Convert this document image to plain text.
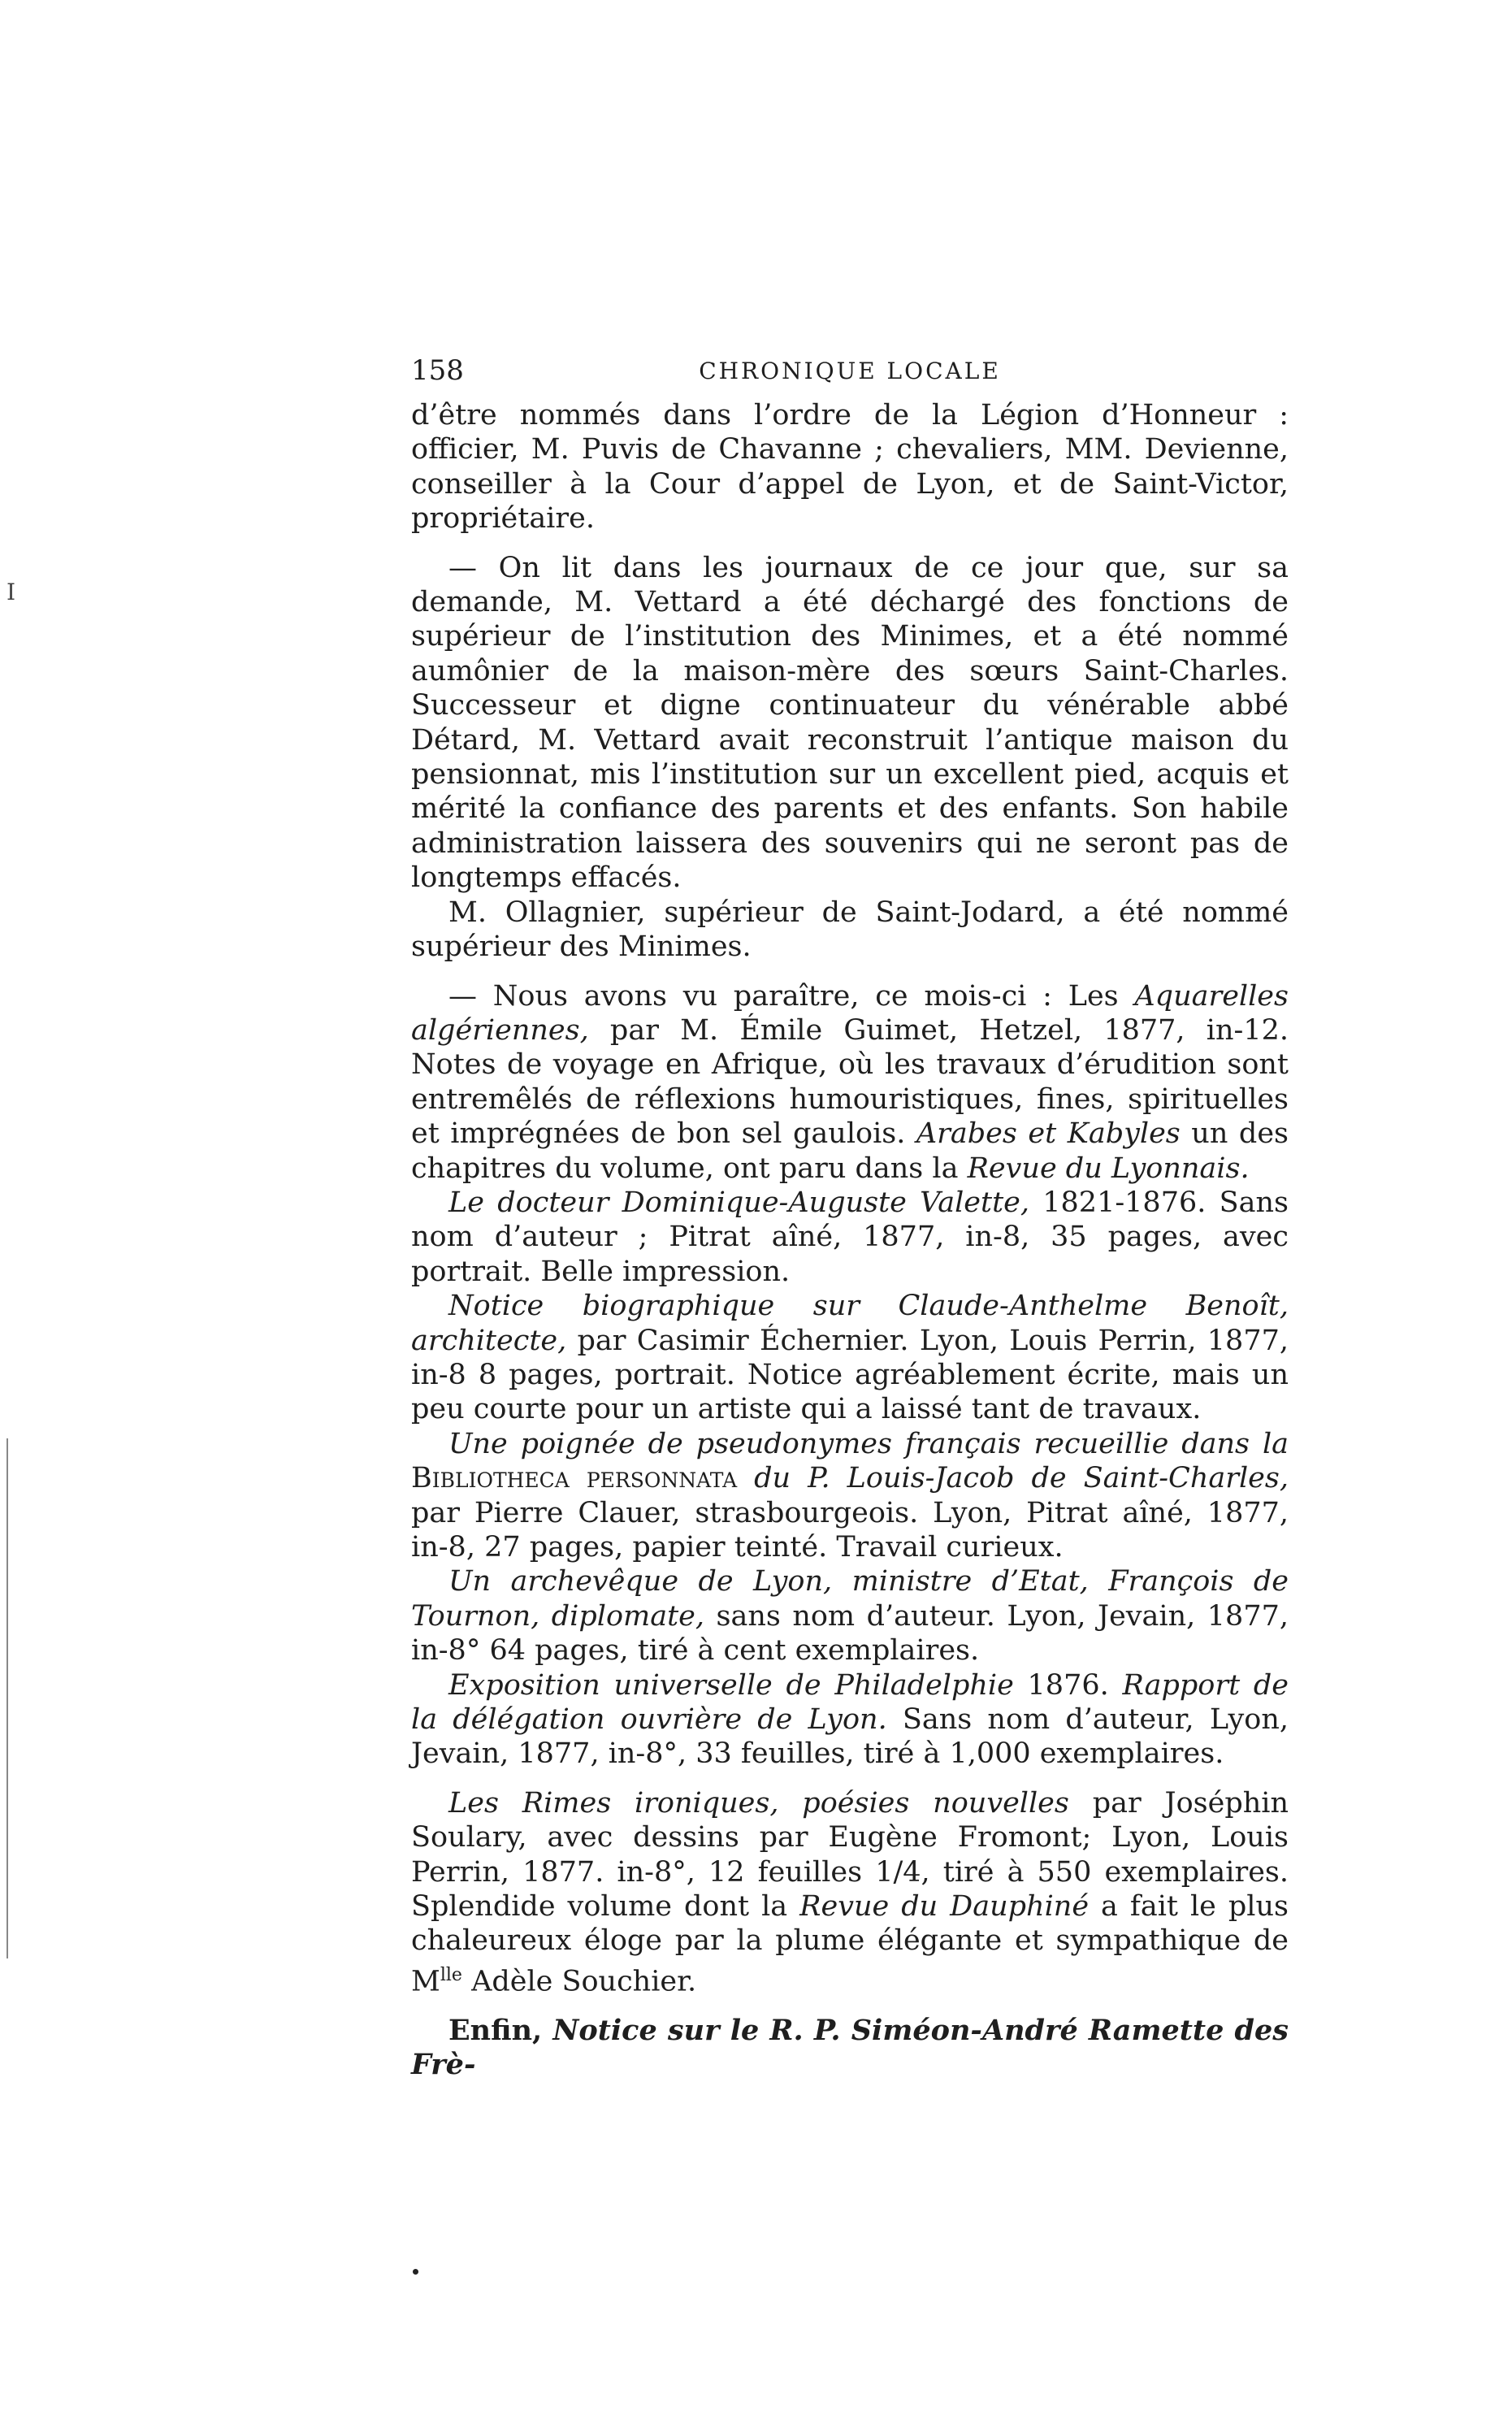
I
158	CHRONIQUE LOCALE

d’être nommés dans l’ordre de la Légion d’Honneur : officier, M. Puvis de Chavanne ; chevaliers, MM. Devienne, conseiller à la Cour d’appel de Lyon, et de Saint-Victor, propriétaire.

— On lit dans les journaux de ce jour que, sur sa demande, M. Vettard a été déchargé des fonctions de supérieur de l’institution des Minimes, et a été nommé aumônier de la maison-mère des sœurs Saint-Charles. Successeur et digne continuateur du vénérable abbé Détard, M. Vettard avait reconstruit l’antique maison du pensionnat, mis l’institution sur un excellent pied, acquis et mérité la confiance des parents et des enfants. Son habile administration laissera des souvenirs qui ne seront pas de longtemps effacés.

M. Ollagnier, supérieur de Saint-Jodard, a été nommé supérieur des Minimes.

— Nous avons vu paraître, ce mois-ci : Les Aquarelles algériennes, par M. Émile Guimet, Hetzel, 1877, in-12. Notes de voyage en Afrique, où les travaux d’érudition sont entremêlés de réflexions humouristiques, fines, spirituelles et imprégnées de bon sel gaulois. Arabes et Kabyles un des chapitres du volume, ont paru dans la Revue du Lyonnais.

Le docteur Dominique-Auguste Valette, 1821-1876. Sans nom d’auteur ; Pitrat aîné, 1877, in-8, 35 pages, avec portrait. Belle impression.

Notice biographique sur Claude-Anthelme Benoît, architecte, par Casimir Échernier. Lyon, Louis Perrin, 1877, in-8 8 pages, portrait. Notice agréablement écrite, mais un peu courte pour un artiste qui a laissé tant de travaux.

Une poignée de pseudonymes français recueillie dans la Bibliotheca personnata du P. Louis-Jacob de Saint-Charles, par Pierre Clauer, strasbourgeois. Lyon, Pitrat aîné, 1877, in-8, 27 pages, papier teinté. Travail curieux.

Un archevêque de Lyon, ministre d’Etat, François de Tournon, diplomate, sans nom d’auteur. Lyon, Jevain, 1877, in-8° 64 pages, tiré à cent exemplaires.

Exposition universelle de Philadelphie 1876. Rapport de la délégation ouvrière de Lyon. Sans nom d’auteur, Lyon, Jevain, 1877, in-8°, 33 feuilles, tiré à 1,000 exemplaires.

Les Rimes ironiques, poésies nouvelles par Joséphin Soulary, avec dessins par Eugène Fromont; Lyon, Louis Perrin, 1877. in-8°, 12 feuilles 1/4, tiré à 550 exemplaires. Splendide volume dont la Revue du Dauphiné a fait le plus chaleureux éloge par la plume élégante et sympathique de $M^{lle}$ Adèle Souchier.

Enfin, Notice sur le R. P. Siméon-André Ramette des Frè-
